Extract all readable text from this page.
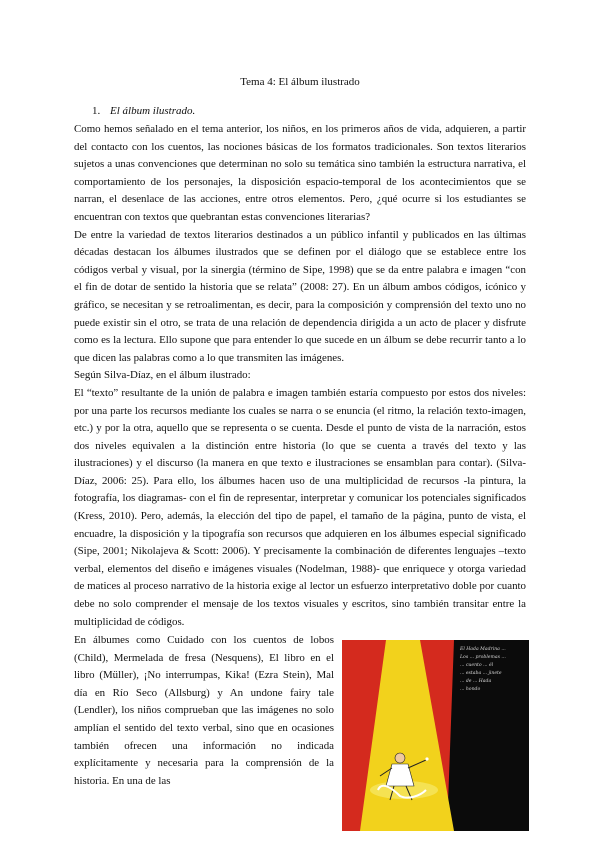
Tema 4: El álbum ilustrado
1. El álbum ilustrado.

Como hemos señalado en el tema anterior, los niños, en los primeros años de vida, adquieren, a partir del contacto con los cuentos, las nociones básicas de los formatos tradicionales. Son textos literarios sujetos a unas convenciones que determinan no solo su temática sino también la estructura narrativa, el comportamiento de los personajes, la disposición espacio-temporal de los acontecimientos que se narran, el desenlace de las acciones, entre otros elementos. Pero, ¿qué ocurre si los estudiantes se encuentran con textos que quebrantan estas convenciones literarias?

De entre la variedad de textos literarios destinados a un público infantil y publicados en las últimas décadas destacan los álbumes ilustrados que se definen por el diálogo que se establece entre los códigos verbal y visual, por la sinergia (término de Sipe, 1998) que se da entre palabra e imagen “con el fin de dotar de sentido la historia que se relata” (2008: 27). En un álbum ambos códigos, icónico y gráfico, se necesitan y se retroalimentan, es decir, para la composición y comprensión del texto uno no puede existir sin el otro, se trata de una relación de dependencia dirigida a un acto de placer y disfrute como es la lectura. Ello supone que para entender lo que sucede en un álbum se debe recurrir tanto a lo que dicen las palabras como a lo que transmiten las imágenes.

Según Silva-Díaz, en el álbum ilustrado:

El “texto” resultante de la unión de palabra e imagen también estaría compuesto por estos dos niveles: por una parte los recursos mediante los cuales se narra o se enuncia (el ritmo, la relación texto-imagen, etc.) y por la otra, aquello que se representa o se cuenta. Desde el punto de vista de la narración, estos dos niveles equivalen a la distinción entre historia (lo que se cuenta a través del texto y las ilustraciones) y el discurso (la manera en que texto e ilustraciones se ensamblan para contar). (Silva-Díaz, 2006: 25). Para ello, los álbumes hacen uso de una multiplicidad de recursos -la pintura, la fotografía, los diagramas- con el fin de representar, interpretar y comunicar los potenciales significados (Kress, 2010). Pero, además, la elección del tipo de papel, el tamaño de la página, punto de vista, el encuadre, la disposición y la tipografía son recursos que adquieren en los álbumes especial significado (Sipe, 2001; Nikolajeva & Scott: 2006). Y precisamente la combinación de diferentes lenguajes –texto verbal, elementos del diseño e imágenes visuales (Nodelman, 1988)- que enriquece y otorga variedad de matices al proceso narrativo de la historia exige al lector un esfuerzo interpretativo doble por cuanto debe no solo comprender el mensaje de los textos visuales y escritos, sino también transitar entre la multiplicidad de códigos.

En álbumes como Cuidado con los cuentos de lobos (Child), Mermelada de fresa (Nesquens), El libro en el libro (Müller), ¡No interrumpas, Kika! (Ezra Stein), Mal día en Río Seco (Allsburg) y An undone fairy tale (Lendler), los niños comprueban que las imágenes no solo amplían el sentido del texto verbal, sino que en ocasiones también ofrecen una información no indicada explícitamente y necesaria para la comprensión de la historia. En una de las

El Hada Madrina ...
Los ... problemas ...
... cuento ... él
... estaba ... jinete
... de ... Hada
... hondo
